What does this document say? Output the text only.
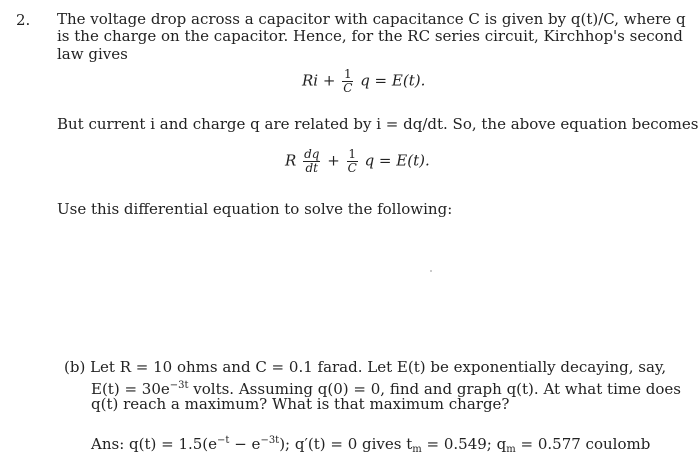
2. The voltage drop across a capacitor with capacitance C is given by q(t)/C, where q
is the charge on the capacitor. Hence, for the RC series circuit, Kirchhop's second
law gives
$Ri + \frac{1}{C}$ q = E(t).
But current i and charge q are related by i = dq/dt. So, the above equation becomes
R $\frac{dq}{dt} + \frac{1}{C}$ q = E(t).
Use this differential equation to solve the following:
(b) Let R = 10 ohms and C = 0.1 farad. Let E(t) be exponentially decaying, say,
$E(t) = 30e^{-3t}$ volts. Assuming q(0) = 0, find and graph q(t). At what time does
q(t) reach a maximum? What is that maximum charge?
Ans: $q(t) = 1.5(e^{-t} - e^{-3t})$; q′(t) = 0 gives $t_m = 0.549$; $q_m = 0.577$ coulomb
